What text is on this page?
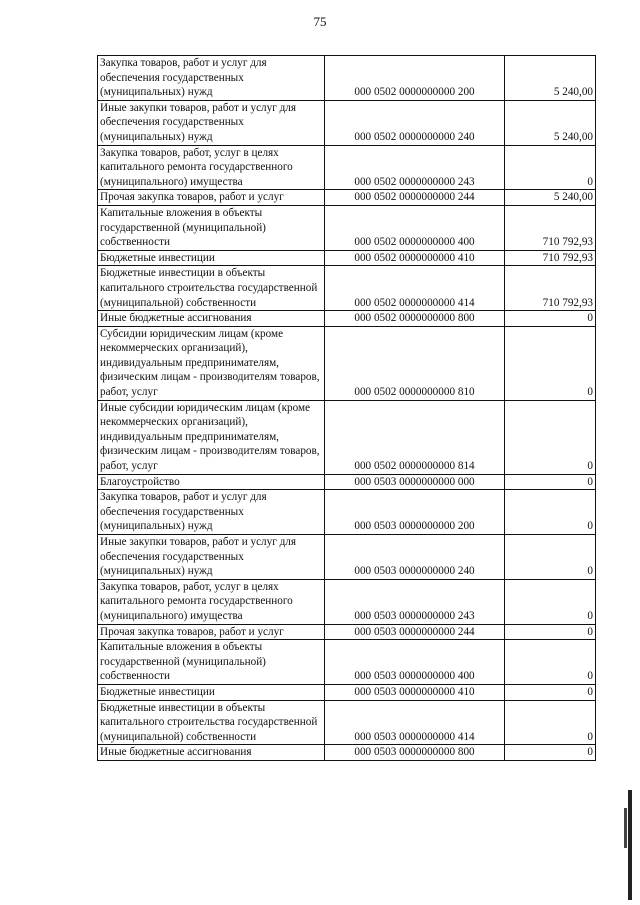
75
Закупка товаров, работ и услуг для обеспечения государственных (муниципальных) нужд	000 0502 0000000000 200	5 240,00
Иные закупки товаров, работ и услуг для обеспечения государственных (муниципальных) нужд	000 0502 0000000000 240	5 240,00
Закупка товаров, работ, услуг в целях капитального ремонта государственного (муниципального) имущества	000 0502 0000000000 243	0
Прочая закупка товаров, работ и услуг	000 0502 0000000000 244	5 240,00
Капитальные вложения в объекты государственной (муниципальной) собственности	000 0502 0000000000 400	710 792,93
Бюджетные инвестиции	000 0502 0000000000 410	710 792,93
Бюджетные инвестиции в объекты капитального строительства государственной (муниципальной) собственности	000 0502 0000000000 414	710 792,93
Иные бюджетные ассигнования	000 0502 0000000000 800	0
Субсидии юридическим лицам (кроме некоммерческих организаций), индивидуальным предпринимателям, физическим лицам - производителям товаров, работ, услуг	000 0502 0000000000 810	0
Иные субсидии юридическим лицам (кроме некоммерческих организаций), индивидуальным предпринимателям, физическим лицам - производителям товаров, работ, услуг	000 0502 0000000000 814	0
Благоустройство	000 0503 0000000000 000	0
Закупка товаров, работ и услуг для обеспечения государственных (муниципальных) нужд	000 0503 0000000000 200	0
Иные закупки товаров, работ и услуг для обеспечения государственных (муниципальных) нужд	000 0503 0000000000 240	0
Закупка товаров, работ, услуг в целях капитального ремонта государственного (муниципального) имущества	000 0503 0000000000 243	0
Прочая закупка товаров, работ и услуг	000 0503 0000000000 244	0
Капитальные вложения в объекты государственной (муниципальной) собственности	000 0503 0000000000 400	0
Бюджетные инвестиции	000 0503 0000000000 410	0
Бюджетные инвестиции в объекты капитального строительства государственной (муниципальной) собственности	000 0503 0000000000 414	0
Иные бюджетные ассигнования	000 0503 0000000000 800	0
